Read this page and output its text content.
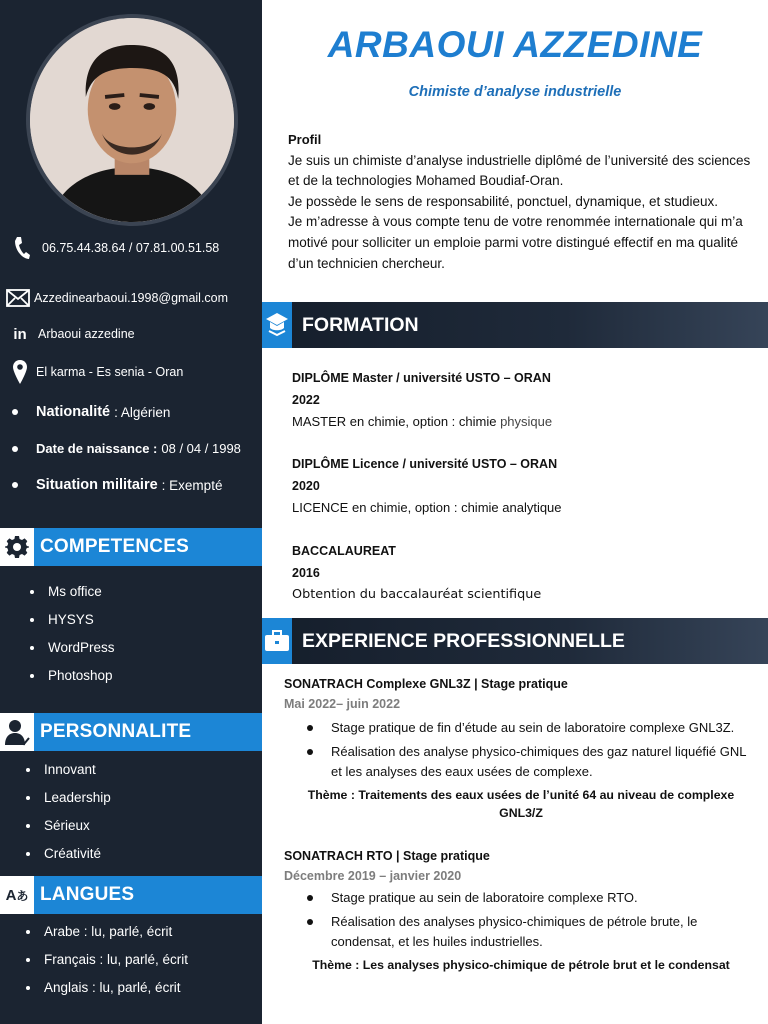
06.75.44.38.64 / 07.81.00.51.58
Azzedinearbaoui.1998@gmail.com
in Arbaoui azzedine
El karma - Es senia - Oran
Nationalité : Algérien
Date de naissance : 08 / 04 / 1998
Situation militaire : Exempté
COMPETENCES
Ms office
HYSYS
WordPress
Photoshop
PERSONNALITE
Innovant
Leadership
Sérieux
Créativité
A あ LANGUES
Arabe : lu, parlé, écrit
Français : lu, parlé, écrit
Anglais : lu, parlé, écrit
ARBAOUI AZZEDINE
Chimiste d’analyse industrielle
Profil
Je suis un chimiste d’analyse industrielle diplômé de l’université des sciences et de la technologies Mohamed Boudiaf-Oran.
Je possède le sens de responsabilité, ponctuel, dynamique, et studieux.
Je m’adresse à vous compte tenu de votre renommée internationale qui m’a motivé pour solliciter un emploie parmi votre distingué effectif en ma qualité d’un technicien chercheur.
FORMATION
DIPLÔME Master / université USTO – ORAN
2022
MASTER en chimie, option : chimie physique
DIPLÔME Licence / université USTO – ORAN
2020
LICENCE en chimie, option : chimie analytique
BACCALAUREAT
2016
Obtention du baccalauréat scientifique
EXPERIENCE PROFESSIONNELLE
SONATRACH Complexe GNL3Z | Stage pratique
Mai 2022– juin 2022
Stage pratique de fin d’étude au sein de laboratoire complexe GNL3Z.
Réalisation des analyse physico-chimiques des gaz naturel liquéfié GNL et les analyses des eaux usées de complexe.
Thème : Traitements des eaux usées de l’unité 64 au niveau de complexe GNL3/Z
SONATRACH RTO | Stage pratique
Décembre 2019 – janvier 2020
Stage pratique au sein de laboratoire complexe RTO.
Réalisation des analyses physico-chimiques de pétrole brute, le condensat, et les huiles industrielles.
Thème : Les analyses physico-chimique de pétrole brut et le condensat
